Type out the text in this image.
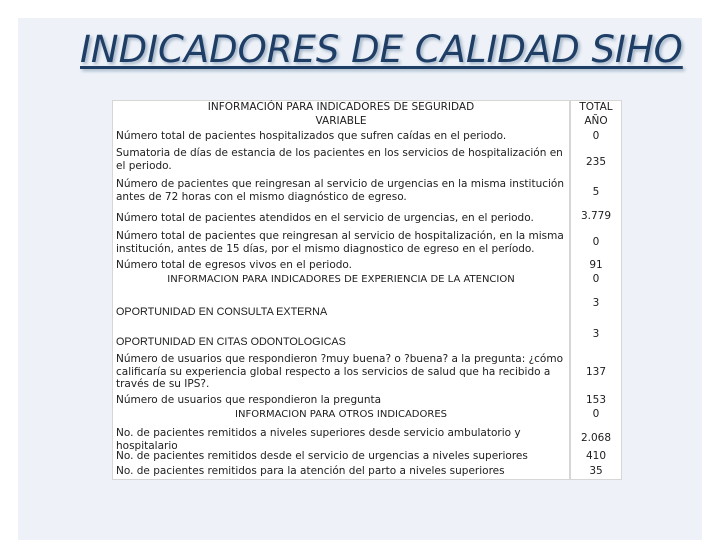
INDICADORES DE CALIDAD SIHO
INFORMACIÓN PARA INDICADORES DE SEGURIDAD
VARIABLE
Número total de pacientes hospitalizados que sufren caídas en el periodo.
Sumatoria de días de estancia de los pacientes en los servicios de hospitalización en el periodo.
Número de pacientes que reingresan al servicio de urgencias en la misma institución antes de 72 horas con el mismo diagnóstico de egreso.
Número total de pacientes atendidos en el servicio de urgencias, en el periodo.
Número total de pacientes que reingresan al servicio de hospitalización, en la misma institución, antes de 15 días, por el mismo diagnostico de egreso en el período.
Número total de egresos vivos en el periodo.
INFORMACION PARA INDICADORES DE EXPERIENCIA DE LA ATENCION
OPORTUNIDAD EN CONSULTA EXTERNA
OPORTUNIDAD EN CITAS ODONTOLOGICAS
Número de usuarios que respondieron ?muy buena? o ?buena? a la pregunta: ¿cómo calificaría su experiencia global respecto a los servicios de salud que ha recibido a través de su IPS?.
Número de usuarios que respondieron la pregunta
INFORMACION PARA OTROS INDICADORES
No. de pacientes remitidos a niveles superiores desde servicio ambulatorio y hospitalario
No. de pacientes remitidos desde el servicio de urgencias a niveles superiores
No. de pacientes remitidos para la atención del parto a niveles superiores
TOTAL
AÑO
0
235
5
3.779
0
91
0
3
3
137
153
0
2.068
410
35
